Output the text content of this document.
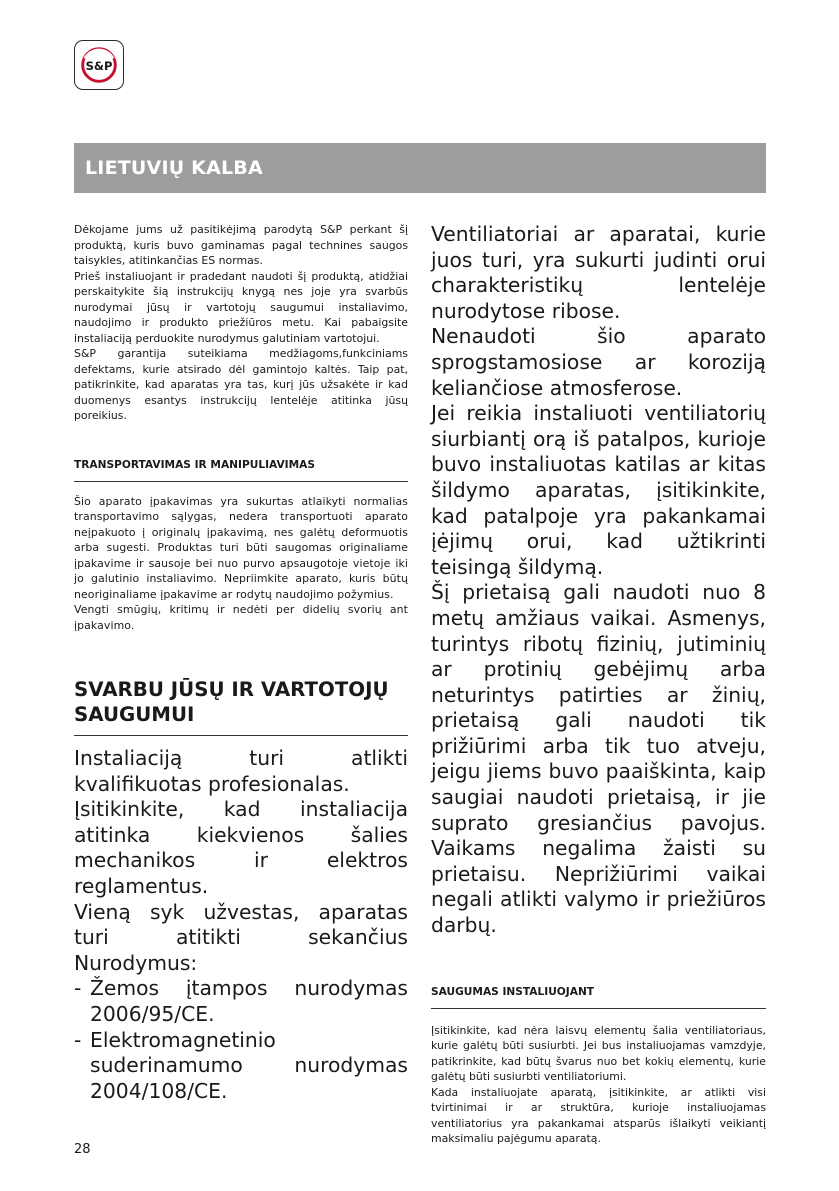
S&P
LIETUVIŲ KALBA

Dėkojame jums už pasitikėjimą parodytą S&P perkant šį produktą, kuris buvo gaminamas pagal technines saugos taisykles, atitinkančias ES normas.

Prieš instaliuojant ir pradedant naudoti šį produktą, atidžiai perskaitykite šią instrukcijų knygą nes joje yra svarbūs nurodymai jūsų ir vartotojų saugumui instaliavimo, naudojimo ir produkto priežiūros metu. Kai pabaigsite instaliaciją perduokite nurodymus galutiniam vartotojui.

S&P garantija suteikiama medžiagoms,funkciniams defektams, kurie atsirado dėl gamintojo kaltės. Taip pat, patikrinkite, kad aparatas yra tas, kurį jūs užsakėte ir kad duomenys esantys instrukcijų lentelėje atitinka jūsų poreikius.

TRANSPORTAVIMAS IR MANIPULIAVIMAS

Šio aparato įpakavimas yra sukurtas atlaikyti normalias transportavimo sąlygas, nedera transportuoti aparato neįpakuoto į originalų įpakavimą, nes galėtų deformuotis arba sugesti. Produktas turi būti saugomas originaliame įpakavime ir sausoje bei nuo purvo apsaugotoje vietoje iki jo galutinio instaliavimo. Nepriimkite aparato, kuris būtų neoriginaliame įpakavime ar rodytų naudojimo požymius.

Vengti smūgių, kritimų ir nedėti per didelių svorių ant įpakavimo.

SVARBU JŪSŲ IR VARTOTOJŲ SAUGUMUI

Instaliaciją turi atlikti kvalifikuotas profesionalas.

Įsitikinkite, kad instaliacija atitinka kiekvienos šalies mechanikos ir elektros reglamentus.

Vieną syk užvestas, aparatas turi atitikti sekančius Nurodymus:

- Žemos įtampos nurodymas 2006/95/CE.
- Elektromagnetinio suderinamumo nurodymas 2004/108/CE.

Ventiliatoriai ar aparatai, kurie juos turi, yra sukurti judinti orui charakteristikų lentelėje nurodytose ribose.

Nenaudoti šio aparato sprogstamosiose ar koroziją keliančiose atmosferose.

Jei reikia instaliuoti ventiliatorių siurbiantį orą iš patalpos, kurioje buvo instaliuotas katilas ar kitas šildymo aparatas, įsitikinkite, kad patalpoje yra pakankamai įėjimų orui, kad užtikrinti teisingą šildymą.

Šį prietaisą gali naudoti nuo 8 metų amžiaus vaikai. Asmenys, turintys ribotų fizinių, jutiminių ar protinių gebėjimų arba neturintys patirties ar žinių, prietaisą gali naudoti tik prižiūrimi arba tik tuo atveju, jeigu jiems buvo paaiškinta, kaip saugiai naudoti prietaisą, ir jie suprato gresiančius pavojus. Vaikams negalima žaisti su prietaisu. Neprižiūrimi vaikai negali atlikti valymo ir priežiūros darbų.

SAUGUMAS INSTALIUOJANT

Įsitikinkite, kad nėra laisvų elementų šalia ventiliatoriaus, kurie galėtų būti susiurbti. Jei bus instaliuojamas vamzdyje, patikrinkite, kad būtų švarus nuo bet kokių elementų, kurie galėtų būti susiurbti ventiliatoriumi.

Kada instaliuojate aparatą, įsitikinkite, ar atlikti visi tvirtinimai ir ar struktūra, kurioje instaliuojamas ventiliatorius yra pakankamai atsparūs išlaikyti veikiantį maksimaliu pajėgumu aparatą.

28
